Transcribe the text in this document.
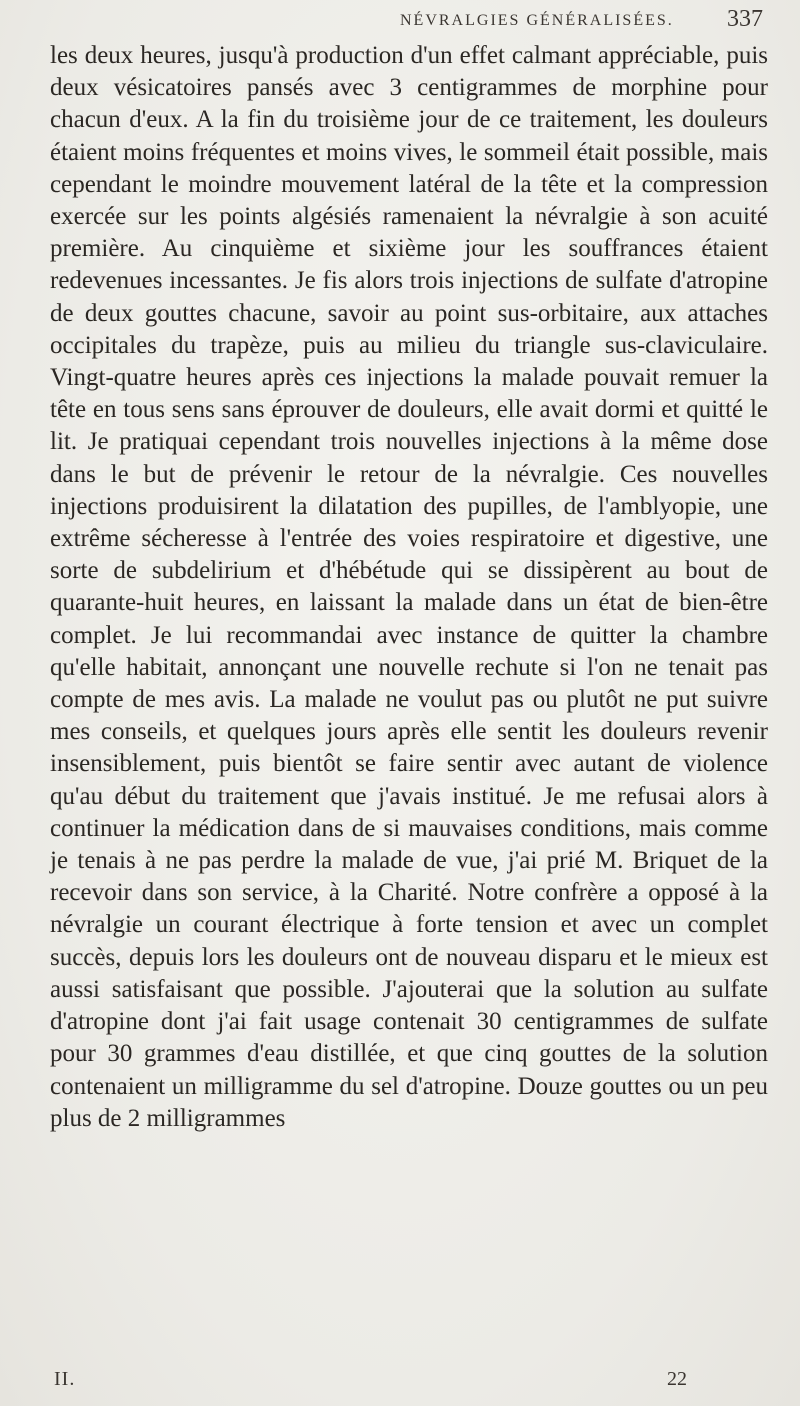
NÉVRALGIES GÉNÉRALISÉES. 337

les deux heures, jusqu'à production d'un effet calmant appréciable, puis deux vésicatoires pansés avec 3 centigrammes de morphine pour chacun d'eux. A la fin du troisième jour de ce traitement, les douleurs étaient moins fréquentes et moins vives, le sommeil était possible, mais cependant le moindre mouvement latéral de la tête et la compression exercée sur les points algésiés ramenaient la névralgie à son acuité première. Au cinquième et sixième jour les souffrances étaient redevenues incessantes. Je fis alors trois injections de sulfate d'atropine de deux gouttes chacune, savoir au point sus-orbitaire, aux attaches occipitales du trapèze, puis au milieu du triangle sus-claviculaire. Vingt-quatre heures après ces injections la malade pouvait remuer la tête en tous sens sans éprouver de douleurs, elle avait dormi et quitté le lit. Je pratiquai cependant trois nouvelles injections à la même dose dans le but de prévenir le retour de la névralgie. Ces nouvelles injections produisirent la dilatation des pupilles, de l'amblyopie, une extrême sécheresse à l'entrée des voies respiratoire et digestive, une sorte de subdelirium et d'hébétude qui se dissipèrent au bout de quarante-huit heures, en laissant la malade dans un état de bien-être complet. Je lui recommandai avec instance de quitter la chambre qu'elle habitait, annonçant une nouvelle rechute si l'on ne tenait pas compte de mes avis. La malade ne voulut pas ou plutôt ne put suivre mes conseils, et quelques jours après elle sentit les douleurs revenir insensiblement, puis bientôt se faire sentir avec autant de violence qu'au début du traitement que j'avais institué. Je me refusai alors à continuer la médication dans de si mauvaises conditions, mais comme je tenais à ne pas perdre la malade de vue, j'ai prié M. Briquet de la recevoir dans son service, à la Charité. Notre confrère a opposé à la névralgie un courant électrique à forte tension et avec un complet succès, depuis lors les douleurs ont de nouveau disparu et le mieux est aussi satisfaisant que possible. J'ajouterai que la solution au sulfate d'atropine dont j'ai fait usage contenait 30 centigrammes de sulfate pour 30 grammes d'eau distillée, et que cinq gouttes de la solution contenaient un milligramme du sel d'atropine. Douze gouttes ou un peu plus de 2 milligrammes

II.	22
